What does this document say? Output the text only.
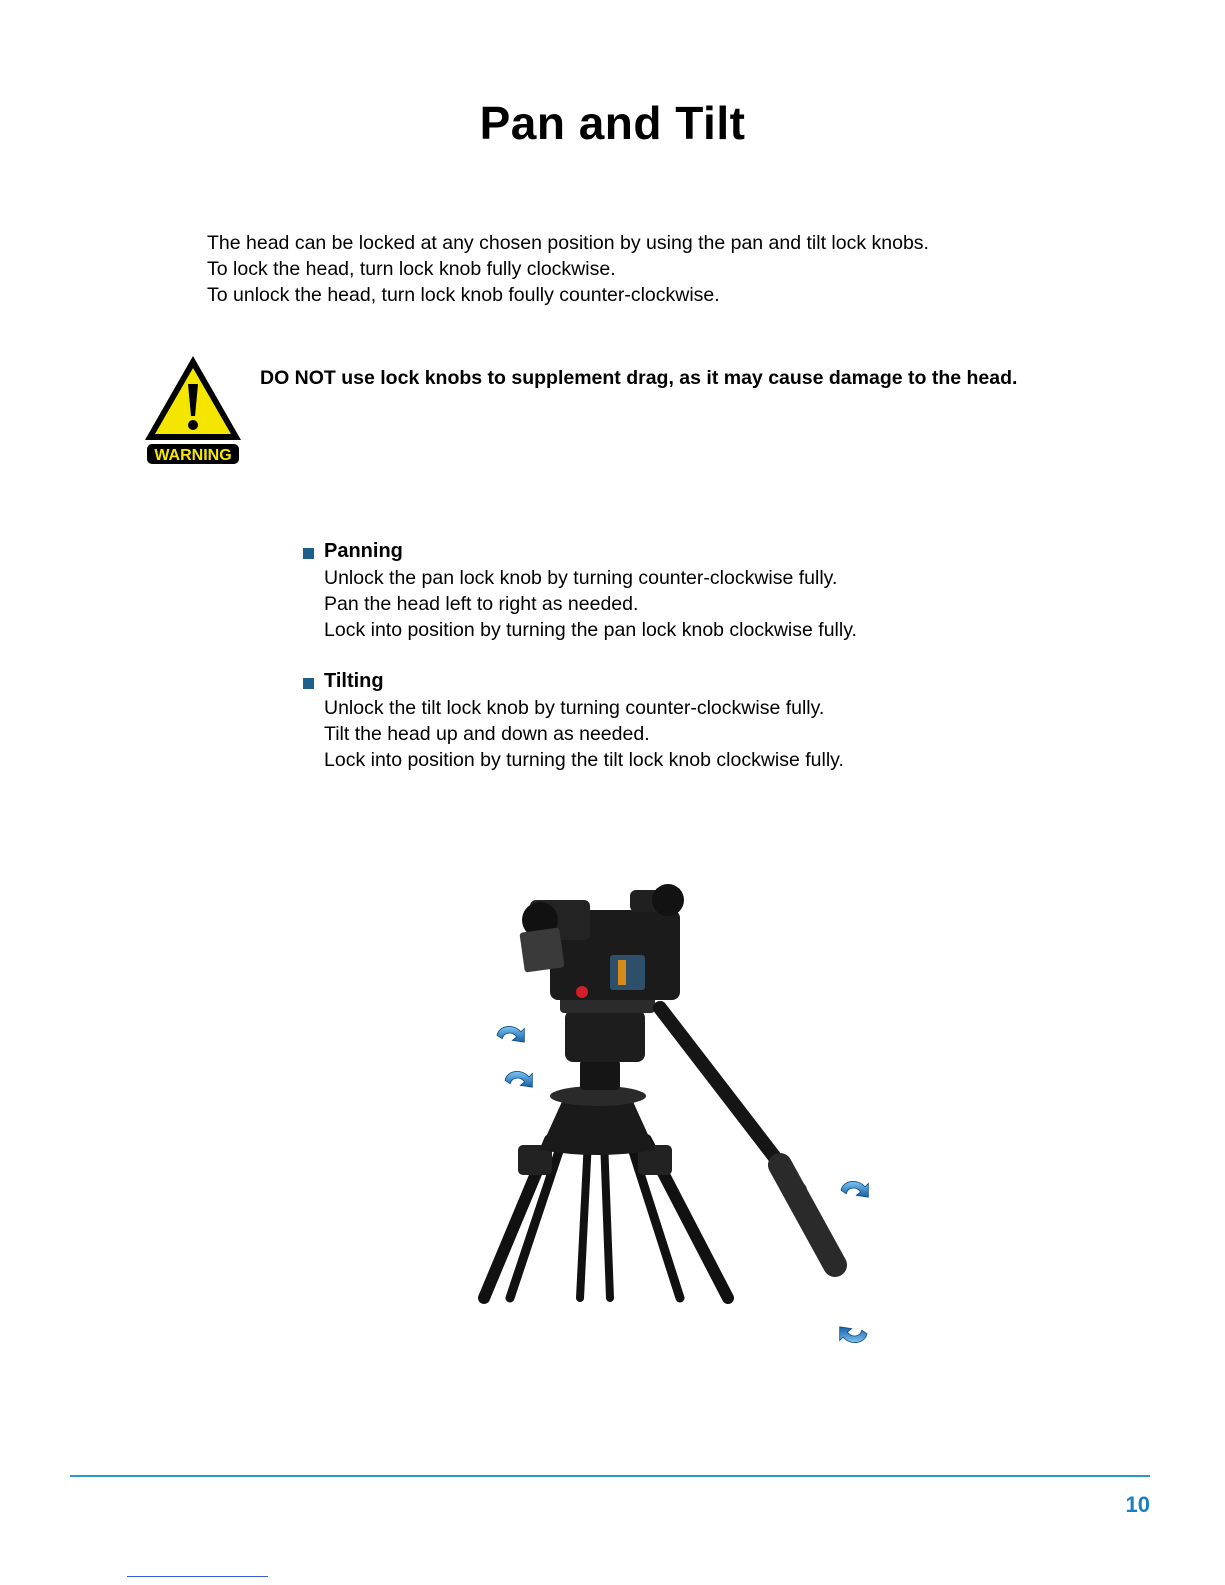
Pan and Tilt
The head can be locked at any chosen position by using the pan and tilt lock knobs.
To lock the head, turn lock knob fully clockwise.
To unlock the head, turn lock knob foully counter-clockwise.
WARNING
DO NOT use lock knobs to supplement drag, as it may cause damage to the head.
Panning
Unlock the pan lock knob by turning counter-clockwise fully.
Pan the head left to right as needed.
Lock into position by turning the pan lock knob clockwise fully.
Tilting
Unlock the tilt lock knob by turning counter-clockwise fully.
Tilt the head up and down as needed.
Lock into position by turning the tilt lock knob clockwise fully.
10
